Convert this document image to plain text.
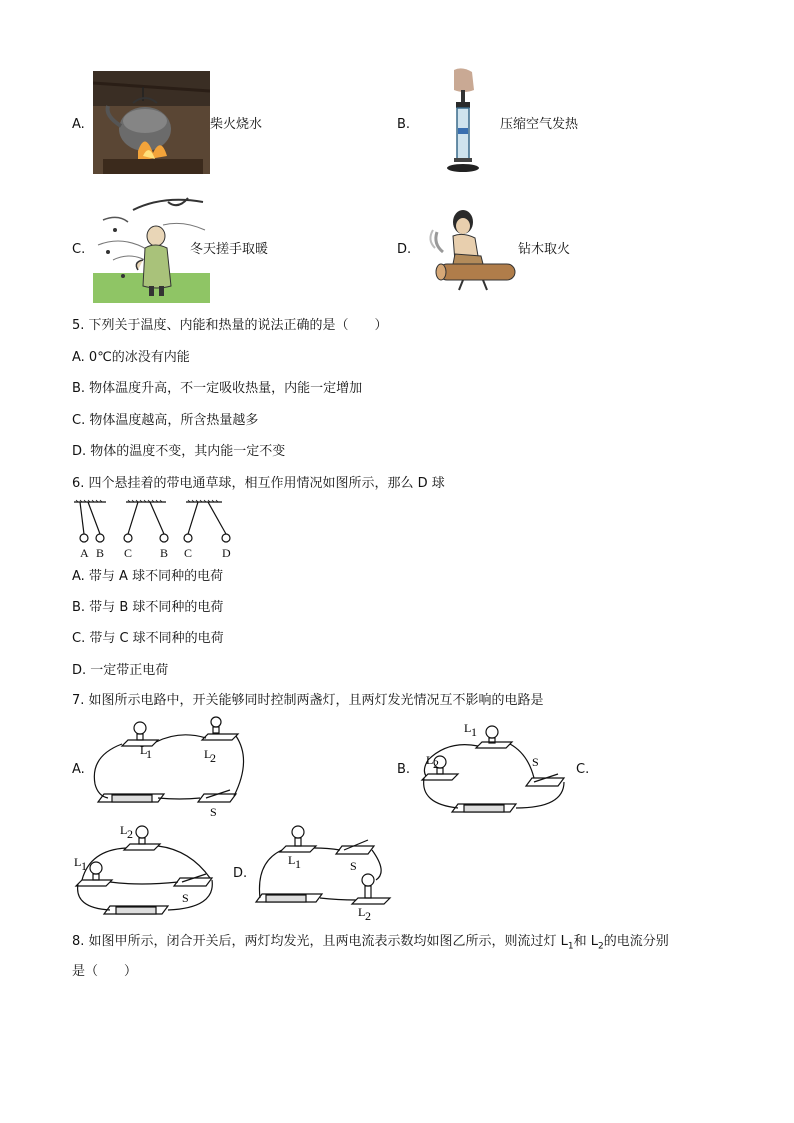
A.	柴火烧水	B.	压缩空气发热
C.	冬天搓手取暖	D.	钻木取火
5. 下列关于温度、内能和热量的说法正确的是（　　）
A. 0℃的冰没有内能
B. 物体温度升高，不一定吸收热量，内能一定增加
C. 物体温度越高，所含热量越多
D. 物体的温度不变，其内能一定不变
6. 四个悬挂着的带电通草球，相互作用情况如图所示，那么 D 球
A B C B C D
A. 带与 A 球不同种的电荷
B. 带与 B 球不同种的电荷
C. 带与 C 球不同种的电荷
D. 一定带正电荷
7. 如图所示电路中，开关能够同时控制两盏灯，且两灯发光情况互不影响的电路是
A.
L
1	L
2
S
B.
L 1
L 2	S	C.
L 2
L 1
S
D.
L 1	S
L 2
8. 如图甲所示，闭合开关后，两灯均发光，且两电流表示数均如图乙所示，则流过灯 $L_1$和 $L_2$的电流分别
是（　　）
